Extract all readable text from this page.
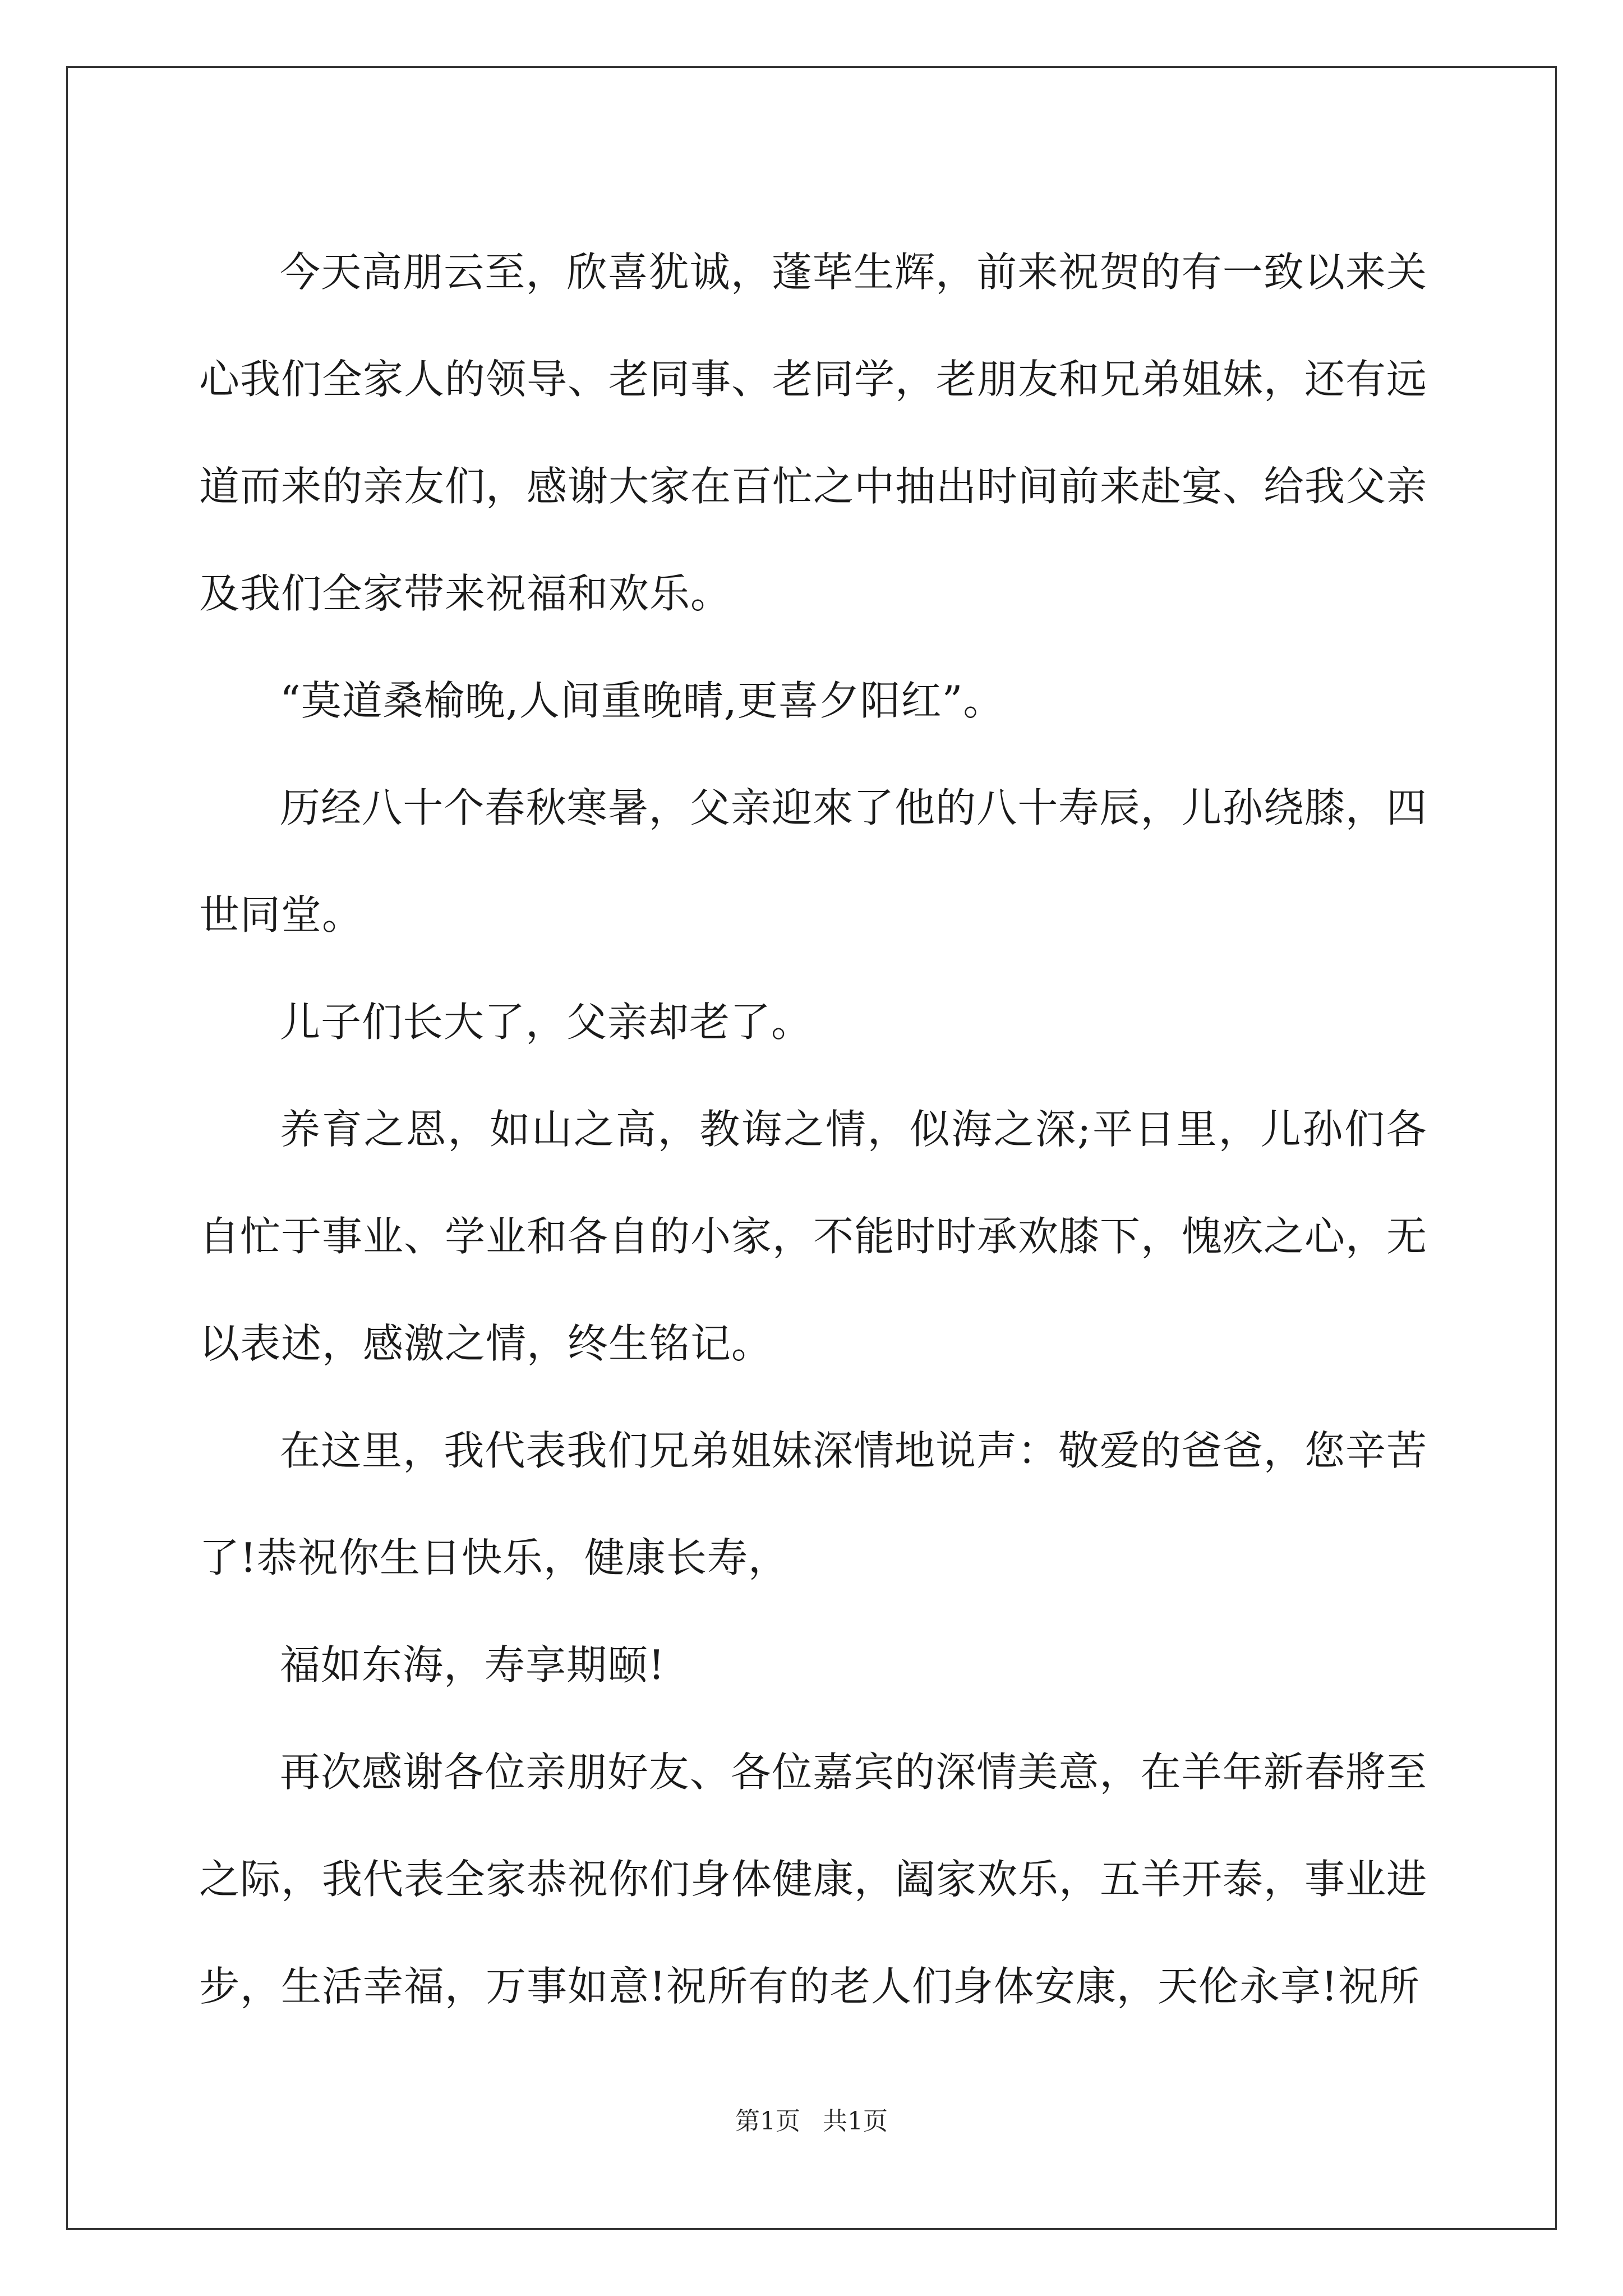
今天高朋云至，欣喜犹诚，蓬荜生辉，前来祝贺的有一致以来关心我们全家人的领导、老同事、老同学，老朋友和兄弟姐妹，还有远道而来的亲友们，感谢大家在百忙之中抽出时间前来赴宴、给我父亲及我们全家带来祝福和欢乐。

“莫道桑榆晚,人间重晚晴,更喜夕阳红”。

历经八十个春秋寒暑，父亲迎來了他的八十寿辰，儿孙绕膝，四世同堂。

儿子们长大了，父亲却老了。

养育之恩，如山之高，教诲之情，似海之深;平日里，儿孙们各自忙于事业、学业和各自的小家，不能时时承欢膝下，愧疚之心，无以表述，感激之情，终生铭记。

在这里，我代表我们兄弟姐妹深情地说声：敬爱的爸爸，您辛苦了!恭祝你生日快乐，健康长寿，

福如东海，寿享期颐!

再次感谢各位亲朋好友、各位嘉宾的深情美意，在羊年新春將至之际，我代表全家恭祝你们身体健康，阖家欢乐，五羊开泰，事业进步，生活幸福，万事如意!祝所有的老人们身体安康，天伦永享!祝所

第1页 共1页
